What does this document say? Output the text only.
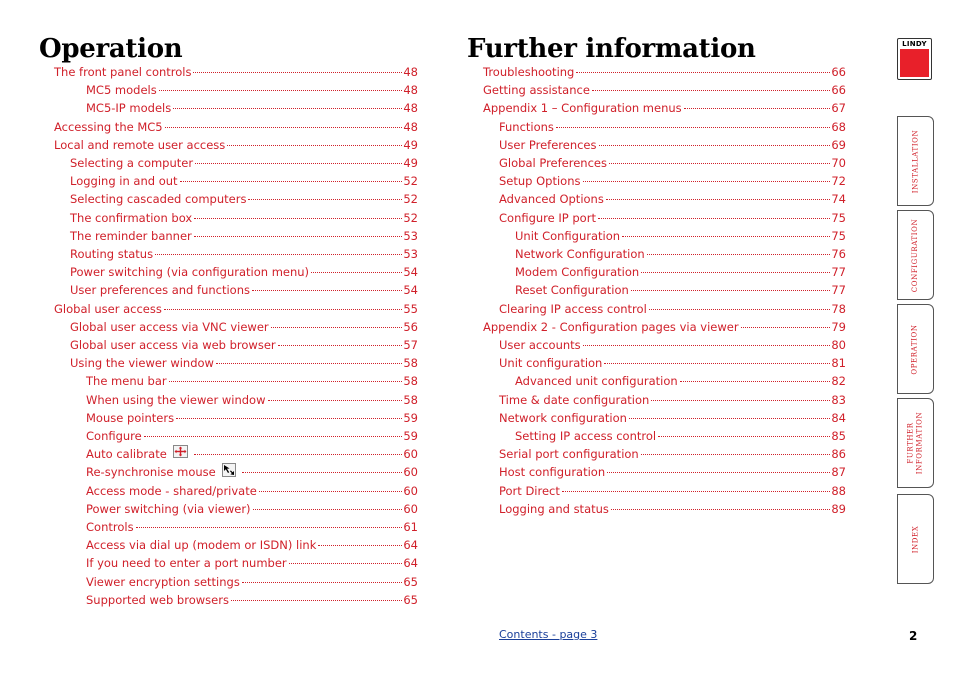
Operation
The front panel controls	48
MC5 models	48
MC5-IP models	48
Accessing the MC5	48
Local and remote user access	49
Selecting a computer	49
Logging in and out	52
Selecting cascaded computers	52
The confirmation box	52
The reminder banner	53
Routing status	53
Power switching (via configuration menu)	54
User preferences and functions	54
Global user access	55
Global user access via VNC viewer	56
Global user access via web browser	57
Using the viewer window	58
The menu bar	58
When using the viewer window	58
Mouse pointers	59
Configure	59
Auto calibrate	60
Re-synchronise mouse	60
Access mode - shared/private	60
Power switching (via viewer)	60
Controls	61
Access via dial up (modem or ISDN) link	64
If you need to enter a port number	64
Viewer encryption settings	65
Supported web browsers	65
Further information
Troubleshooting	66
Getting assistance	66
Appendix 1 – Configuration menus	67
Functions	68
User Preferences	69
Global Preferences	70
Setup Options	72
Advanced Options	74
Configure IP port	75
Unit Configuration	75
Network Configuration	76
Modem Configuration	77
Reset Configuration	77
Clearing IP access control	78
Appendix 2 - Configuration pages via viewer	79
User accounts	80
Unit configuration	81
Advanced unit configuration	82
Time & date configuration	83
Network configuration	84
Setting IP access control	85
Serial port configuration	86
Host configuration	87
Port Direct	88
Logging and status	89
LINDY
INSTALLATION
CONFIGURATION
OPERATION
FURTHER
INFORMATION
INDEX
Contents - page 3	2
